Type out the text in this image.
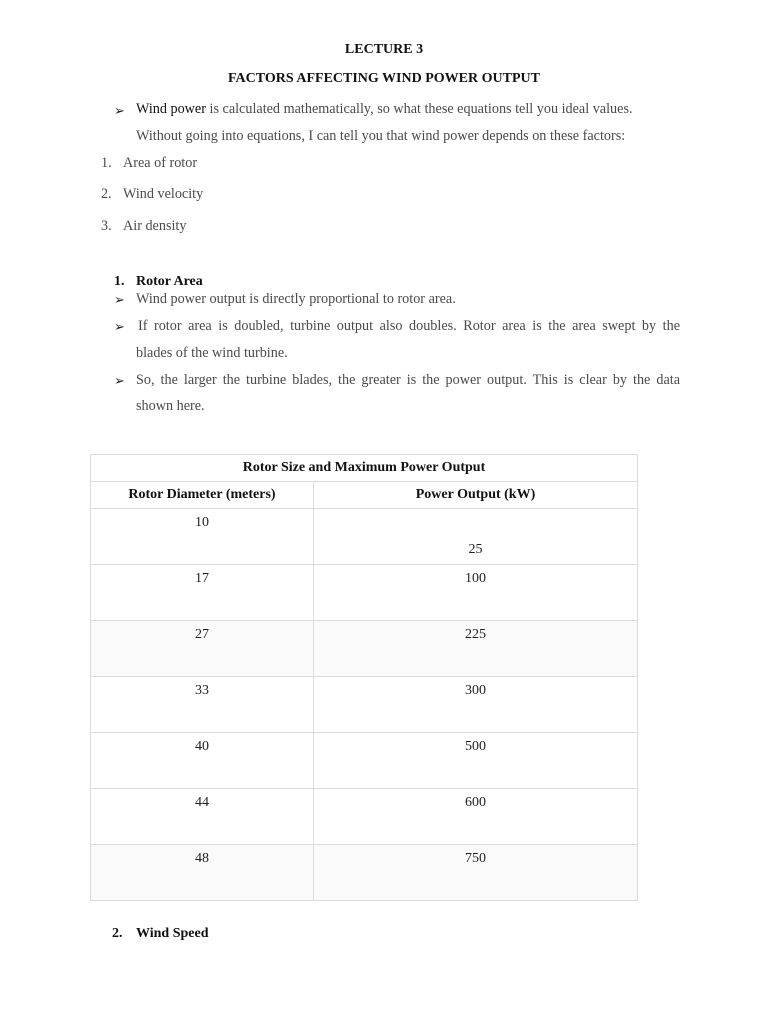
LECTURE 3
FACTORS AFFECTING WIND POWER OUTPUT
➢ Wind power is calculated mathematically, so what these equations tell you ideal values.
Without going into equations, I can tell you that wind power depends on these factors:
1. Area of rotor
2. Wind velocity
3. Air density
1. Rotor Area
➢ Wind power output is directly proportional to rotor area.
➢ If rotor area is doubled, turbine output also doubles. Rotor area is the area swept by the
blades of the wind turbine.
➢ So, the larger the turbine blades, the greater is the power output. This is clear by the data
shown here.
Rotor Size and Maximum Power Output	
Rotor Diameter (meters)	Power Output (kW)

10	25

17	100

27	225

33	300

40	500

44	600

48	750
2. Wind Speed
